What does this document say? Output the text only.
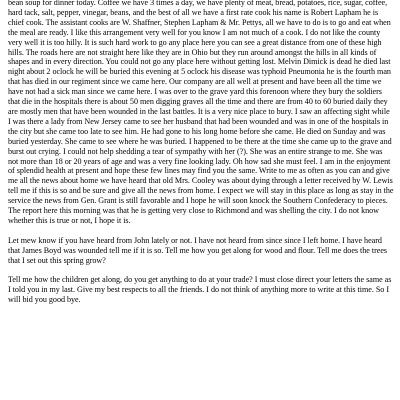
bean soup for dinner today. Coffee we have 3 times a day, we have plenty of meat, bread, potatoes, rice, sugar, coffee, hard tack, salt, pepper, vinegar, beans, and the best of all we have a first rate cook his name is Robert Lapham he is chief cook. The assistant cooks are W. Shaffner, Stephen Lapham & Mr. Pettys, all we have to do is to go and eat when the meal are ready. I like this arrangement very well for you know I am not much of a cook. I do not like the county very well it is too hilly. It is such hard work to go any place here you can see a great distance from one of these high hills. The roads here are not straight here like they are in Ohio but they run around amongst the hills in all kinds of shapes and in every direction. You could not go any place here without getting lost. Melvin Dimick is dead he died last night about 2 oclock he will be buried this evening at 5 oclock his disease was typhoid Pneumonia he is the fourth man that has died in our regiment since we came here. Our company are all well at present and have been all the time we have not had a sick man since we came here. I was over to the grave yard this forenoon where they bury the soldiers that die in the hospitals there is about 50 men digging graves all the time and there are from 40 to 60 buried daily they are mostly men that have been wounded in the last battles. It is a very nice place to bury. I saw an affecting sight while I was there a lady from New Jersey came to see her husband that had been wounded and was in one of the hospitals in the city but she came too late to see him. He had gone to his long home before she came. He died on Sunday and was buried yesterday. She came to see where he was buried. I happened to be there at the time she came up to the grave and burst out crying. I could not help shedding a tear of sympathy with her (?). She was an entire strange to me. She was not more than 18 or 20 years of age and was a very fine looking lady. Oh how sad she must feel. I am in the enjoyment of splendid health at present and hope these few lines may find you the same. Write to me as often as you can and give me all the news about home we have heard that old Mrs. Cooley was about dying through a letter received by W. Lewis tell me if this is so and be sure and give all the news from home. I expect we will stay in this place as long as stay in the service the news from Gen. Grant is still favorable and I hope he will soon knock the Southern Confederacy to pieces. The report here this morning was that he is getting very close to Richmond and was shelling the city. I do not know whether this is true or not, I hope it is.

Let mew know if you have heard from John lately or not. I have not heard from since since I left home. I have heard that James Boyd was wounded tell me if it is so. Tell me how you get along for wood and flour. Tell me does the trees that I set out this spring grow?

Tell me how the children get along, do you get anything to do at your trade? I must close direct your letters the same as I told you in my last. Give my best respects to all the friends. I do not think of anything more to write at this time. So I will bid you good bye.
